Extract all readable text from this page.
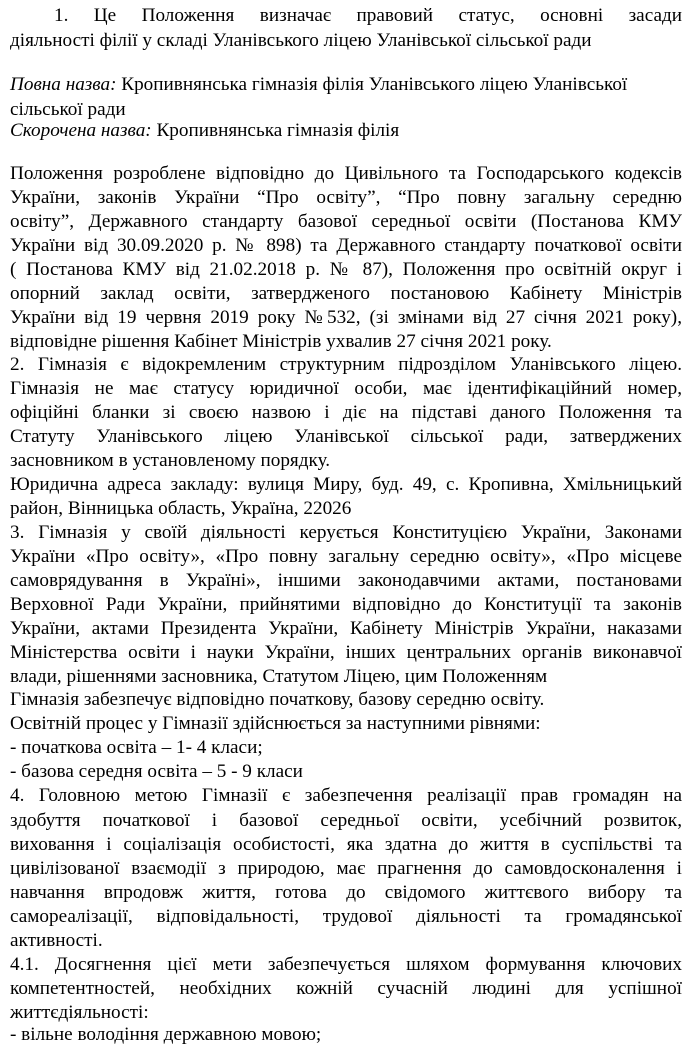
1. Це Положення визначає правовий статус, основні засади
діяльності філії у складі Уланівського ліцею Уланівської сільської ради
Повна назва: Кропивнянська гімназія філія Уланівського ліцею Уланівської
сільської ради
Скорочена назва: Кропивнянська гімназія філія
Положення розроблене відповідно до Цивільного та Господарського кодексів
України, законів України “Про освіту”, “Про повну загальну середню
освіту”, Державного стандарту базової середньої освіти (Постанова КМУ
України від 30.09.2020 р. № 898) та Державного стандарту початкової освіти
( Постанова КМУ від 21.02.2018 р. № 87), Положення про освітній округ і
опорний заклад освіти, затвердженого постановою Кабінету Міністрів
України від 19 червня 2019 року №532, (зі змінами від 27 січня 2021 року),
відповідне рішення Кабінет Міністрів ухвалив 27 січня 2021 року.
2. Гімназія є відокремленим структурним підрозділом Уланівського ліцею.
Гімназія не має статусу юридичної особи, має ідентифікаційний номер,
офіційні бланки зі своєю назвою і діє на підставі даного Положення та
Статуту Уланівського ліцею Уланівської сільської ради, затверджених
засновником в установленому порядку.
Юридична адреса закладу: вулиця Миру, буд. 49, с. Кропивна, Хмільницький
район, Вінницька область, Україна, 22026
3. Гімназія у своїй діяльності керується Конституцією України, Законами
України «Про освіту», «Про повну загальну середню освіту», «Про місцеве
самоврядування в Україні», іншими законодавчими актами, постановами
Верховної Ради України, прийнятими відповідно до Конституції та законів
України, актами Президента України, Кабінету Міністрів України, наказами
Міністерства освіти і науки України, інших центральних органів виконавчої
влади, рішеннями засновника, Статутом Ліцею, цим Положенням
Гімназія забезпечує відповідно початкову, базову середню освіту.
Освітній процес у Гімназії здійснюється за наступними рівнями:
- початкова освіта – 1- 4 класи;
- базова середня освіта – 5 - 9 класи
4. Головною метою Гімназії є забезпечення реалізації прав громадян на
здобуття початкової і базової середньої освіти, усебічний розвиток,
виховання і соціалізація особистості, яка здатна до життя в суспільстві та
цивілізованої взаємодії з природою, має прагнення до самовдосконалення і
навчання впродовж життя, готова до свідомого життєвого вибору та
самореалізації, відповідальності, трудової діяльності та громадянської
активності.
4.1. Досягнення цієї мети забезпечується шляхом формування ключових
компетентностей, необхідних кожній сучасній людині для успішної
життєдіяльності:
- вільне володіння державною мовою;
